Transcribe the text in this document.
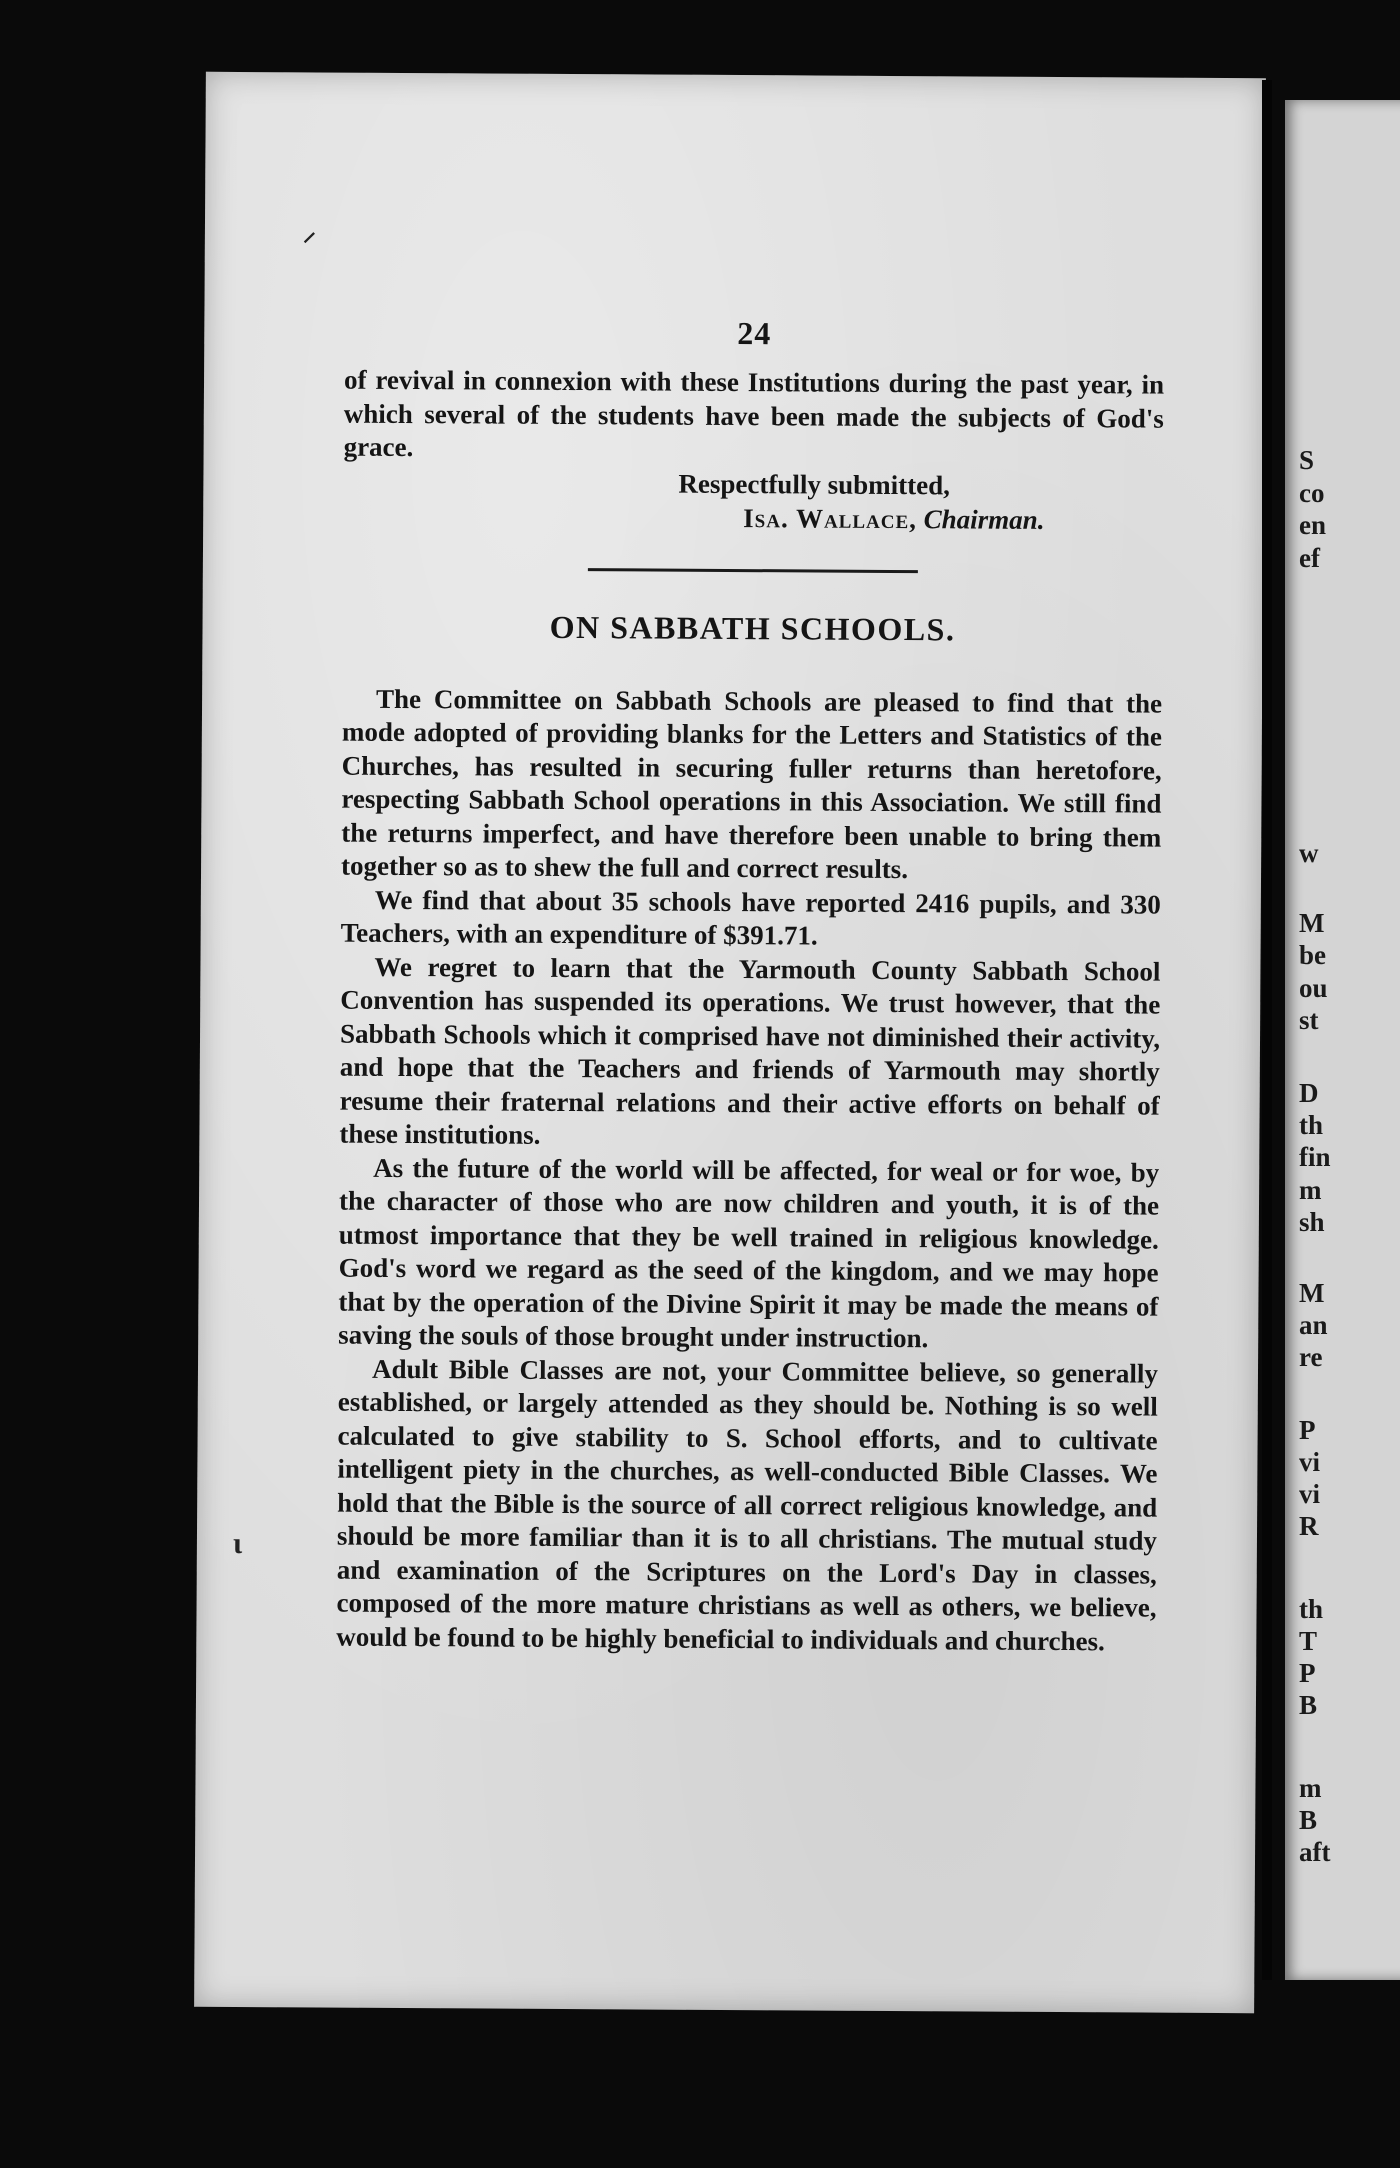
24

of revival in connexion with these Institutions during the past year, in which several of the students have been made the subjects of God's grace.

Respectfully submitted,
Isa. Wallace, Chairman.
ON SABBATH SCHOOLS.

The Committee on Sabbath Schools are pleased to find that the mode adopted of providing blanks for the Letters and Statistics of the Churches, has resulted in securing fuller returns than heretofore, respecting Sabbath School operations in this Association. We still find the returns imperfect, and have therefore been unable to bring them together so as to shew the full and correct results.

We find that about 35 schools have reported 2416 pupils, and 330 Teachers, with an expenditure of $391.71.

We regret to learn that the Yarmouth County Sabbath School Convention has suspended its operations. We trust however, that the Sabbath Schools which it comprised have not diminished their activity, and hope that the Teachers and friends of Yarmouth may shortly resume their fraternal relations and their active efforts on behalf of these institutions.

As the future of the world will be affected, for weal or for woe, by the character of those who are now children and youth, it is of the utmost importance that they be well trained in religious knowledge. God's word we regard as the seed of the kingdom, and we may hope that by the operation of the Divine Spirit it may be made the means of saving the souls of those brought under instruction.

Adult Bible Classes are not, your Committee believe, so generally established, or largely attended as they should be. Nothing is so well calculated to give stability to S. School efforts, and to cultivate intelligent piety in the churches, as well-conducted Bible Classes. We hold that the Bible is the source of all correct religious knowledge, and should be more familiar than it is to all christians. The mutual study and examination of the Scriptures on the Lord's Day in classes, composed of the more mature christians as well as others, we believe, would be found to be highly beneficial to individuals and churches.

⸝
ι
S
co
en
ef
w
M
be
ou
st
D
th
fin
m
sh
M
an
re
P
vi
vi
R
th
T
P
B
m
B
aft
